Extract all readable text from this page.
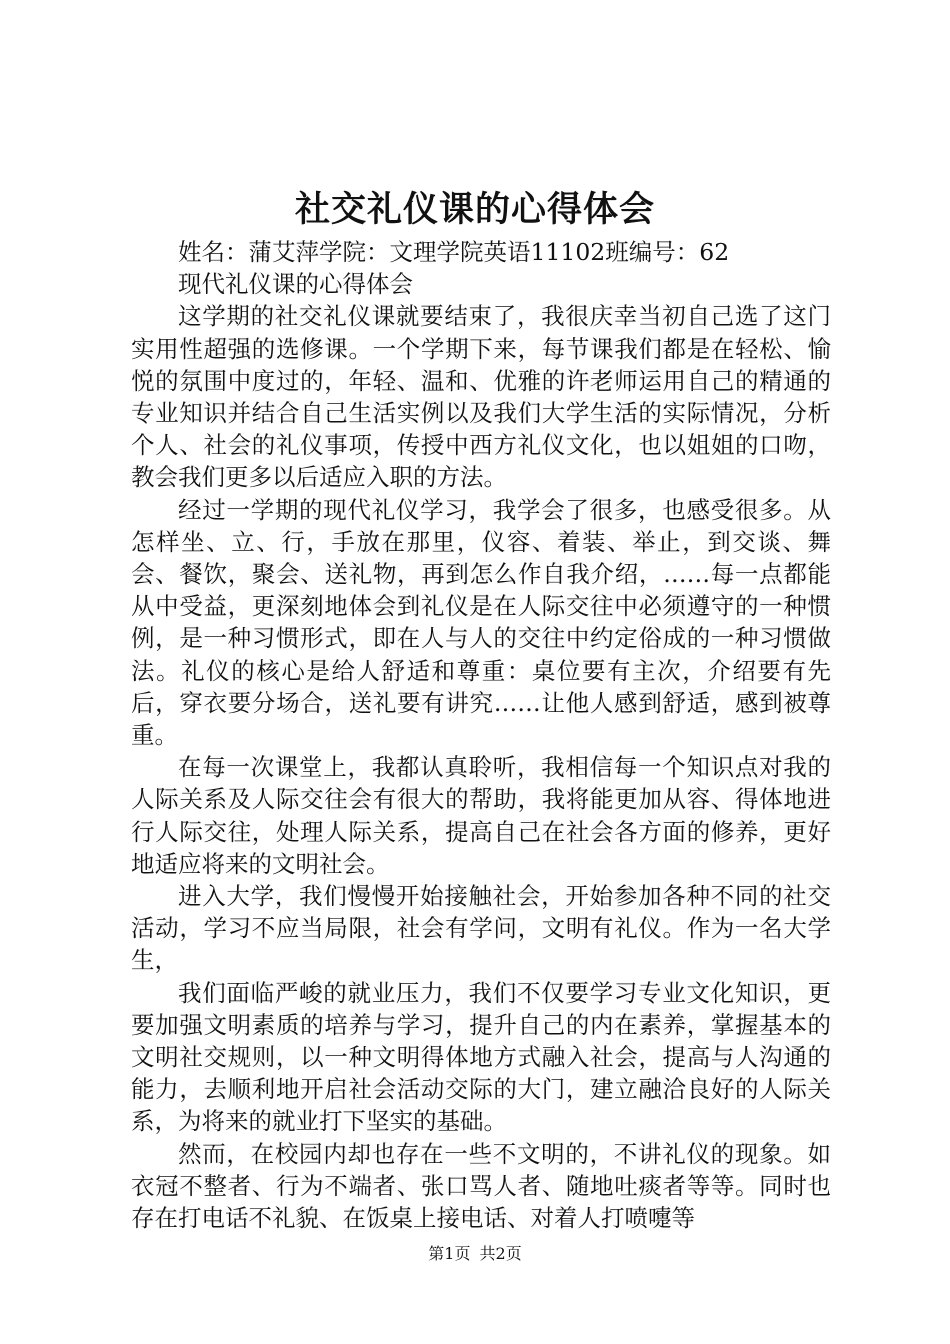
社交礼仪课的心得体会

姓名：蒲艾萍学院：文理学院英语11102班编号：62

现代礼仪课的心得体会

这学期的社交礼仪课就要结束了，我很庆幸当初自己选了这门实用性超强的选修课。一个学期下来，每节课我们都是在轻松、愉悦的氛围中度过的，年轻、温和、优雅的许老师运用自己的精通的专业知识并结合自己生活实例以及我们大学生活的实际情况，分析个人、社会的礼仪事项，传授中西方礼仪文化，也以姐姐的口吻，教会我们更多以后适应入职的方法。

经过一学期的现代礼仪学习，我学会了很多，也感受很多。从怎样坐、立、行，手放在那里，仪容、着装、举止，到交谈、舞会、餐饮，聚会、送礼物，再到怎么作自我介绍，……每一点都能从中受益，更深刻地体会到礼仪是在人际交往中必须遵守的一种惯例，是一种习惯形式，即在人与人的交往中约定俗成的一种习惯做法。礼仪的核心是给人舒适和尊重：桌位要有主次，介绍要有先后，穿衣要分场合，送礼要有讲究……让他人感到舒适，感到被尊重。

在每一次课堂上，我都认真聆听，我相信每一个知识点对我的人际关系及人际交往会有很大的帮助，我将能更加从容、得体地进行人际交往，处理人际关系，提高自己在社会各方面的修养，更好地适应将来的文明社会。

进入大学，我们慢慢开始接触社会，开始参加各种不同的社交活动，学习不应当局限，社会有学问，文明有礼仪。作为一名大学生，

我们面临严峻的就业压力，我们不仅要学习专业文化知识，更要加强文明素质的培养与学习，提升自己的内在素养，掌握基本的文明社交规则，以一种文明得体地方式融入社会，提高与人沟通的能力，去顺利地开启社会活动交际的大门，建立融洽良好的人际关系，为将来的就业打下坚实的基础。

然而，在校园内却也存在一些不文明的，不讲礼仪的现象。如衣冠不整者、行为不端者、张口骂人者、随地吐痰者等等。同时也存在打电话不礼貌、在饭桌上接电话、对着人打喷嚏等

第1页 共2页
